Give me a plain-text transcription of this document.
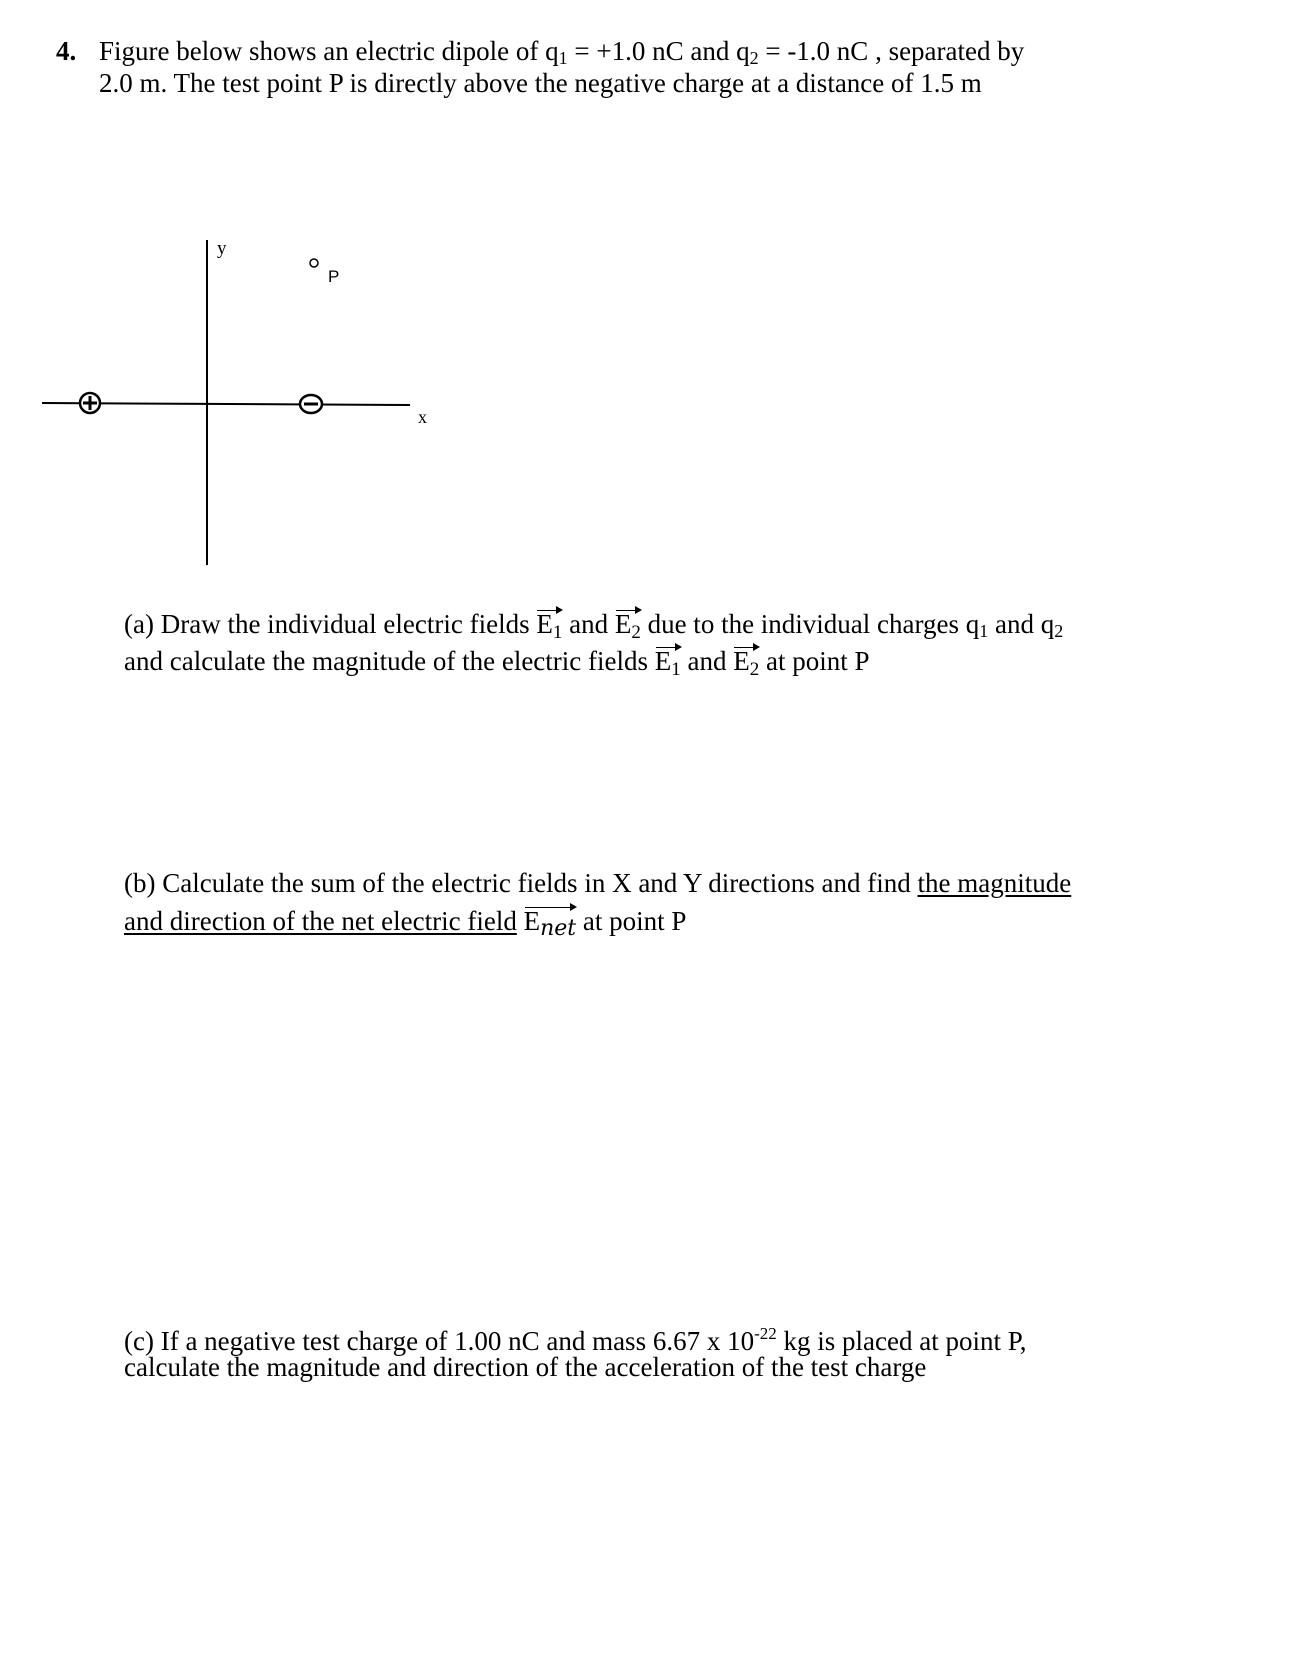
4. Figure below shows an electric dipole of $q_1 = +1.0$ nC and $q_2 = -1.0$ nC , separated by
2.0 m. The test point P is directly above the negative charge at a distance of 1.5 m
y
x
P
(a) Draw the individual electric fields E1 and E2 due to the individual charges $q_1$ and $q_2$
and calculate the magnitude of the electric fields E1 and E2 at point P
(b) Calculate the sum of the electric fields in X and Y directions and find the magnitude
and direction of the net electric field Enet at point P
(c) If a negative test charge of 1.00 nC and mass 6.67 x $10^{-22}$ kg is placed at point P,
calculate the magnitude and direction of the acceleration of the test charge
